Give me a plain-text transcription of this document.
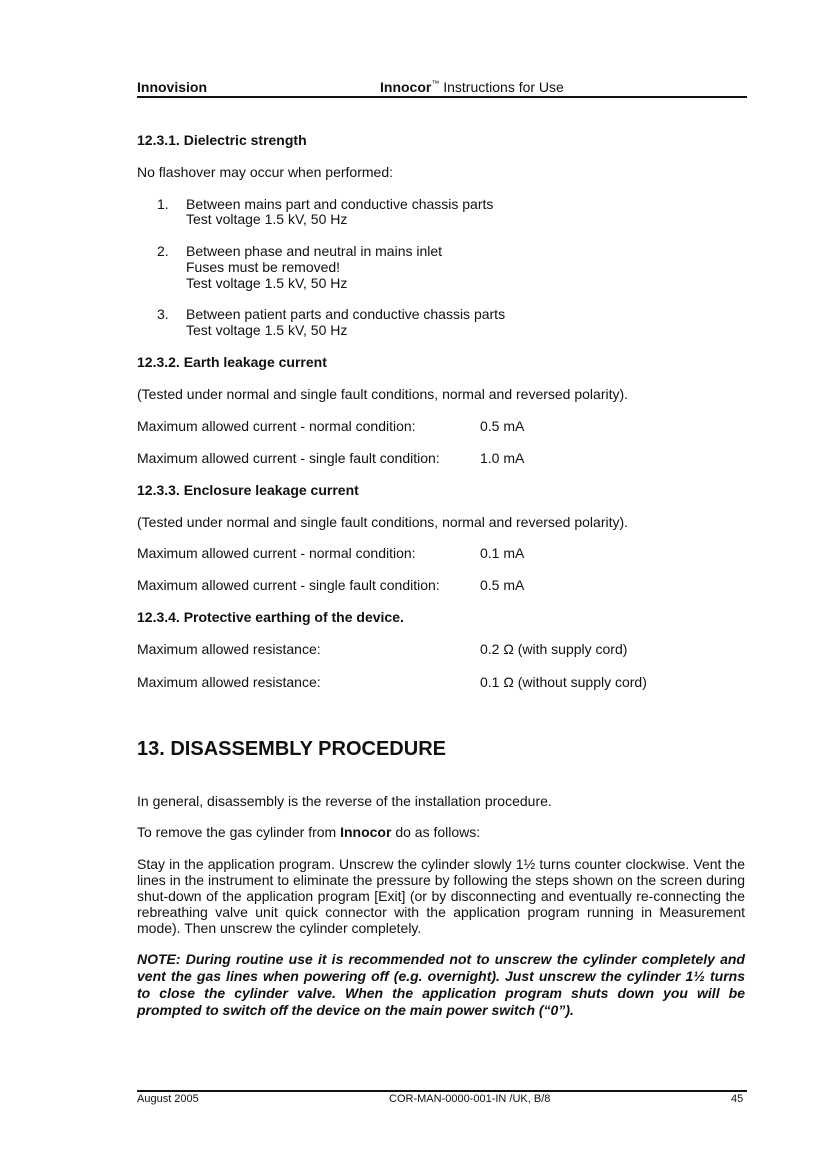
Innovision	Innocor™ Instructions for Use
12.3.1. Dielectric strength
No flashover may occur when performed:
1. Between mains part and conductive chassis parts
Test voltage 1.5 kV, 50 Hz
2. Between phase and neutral in mains inlet
Fuses must be removed!
Test voltage 1.5 kV, 50 Hz
3. Between patient parts and conductive chassis parts
Test voltage 1.5 kV, 50 Hz
12.3.2. Earth leakage current
(Tested under normal and single fault conditions, normal and reversed polarity).
Maximum allowed current - normal condition:	0.5 mA
Maximum allowed current - single fault condition:	1.0 mA
12.3.3. Enclosure leakage current
(Tested under normal and single fault conditions, normal and reversed polarity).
Maximum allowed current - normal condition:	0.1 mA
Maximum allowed current - single fault condition:	0.5 mA
12.3.4. Protective earthing of the device.
Maximum allowed resistance:	0.2 Ω (with supply cord)
Maximum allowed resistance:	0.1 Ω (without supply cord)
13. DISASSEMBLY PROCEDURE
In general, disassembly is the reverse of the installation procedure.
To remove the gas cylinder from Innocor do as follows:
Stay in the application program. Unscrew the cylinder slowly 1½ turns counter clockwise. Vent the lines in the instrument to eliminate the pressure by following the steps shown on the screen during shut-down of the application program [Exit] (or by disconnecting and eventually re-connecting the rebreathing valve unit quick connector with the application program running in Measurement mode). Then unscrew the cylinder completely.
NOTE: During routine use it is recommended not to unscrew the cylinder completely and vent the gas lines when powering off (e.g. overnight). Just unscrew the cylinder 1½ turns to close the cylinder valve. When the application program shuts down you will be prompted to switch off the device on the main power switch (“0”).
August 2005	COR-MAN-0000-001-IN /UK, B/8	45
